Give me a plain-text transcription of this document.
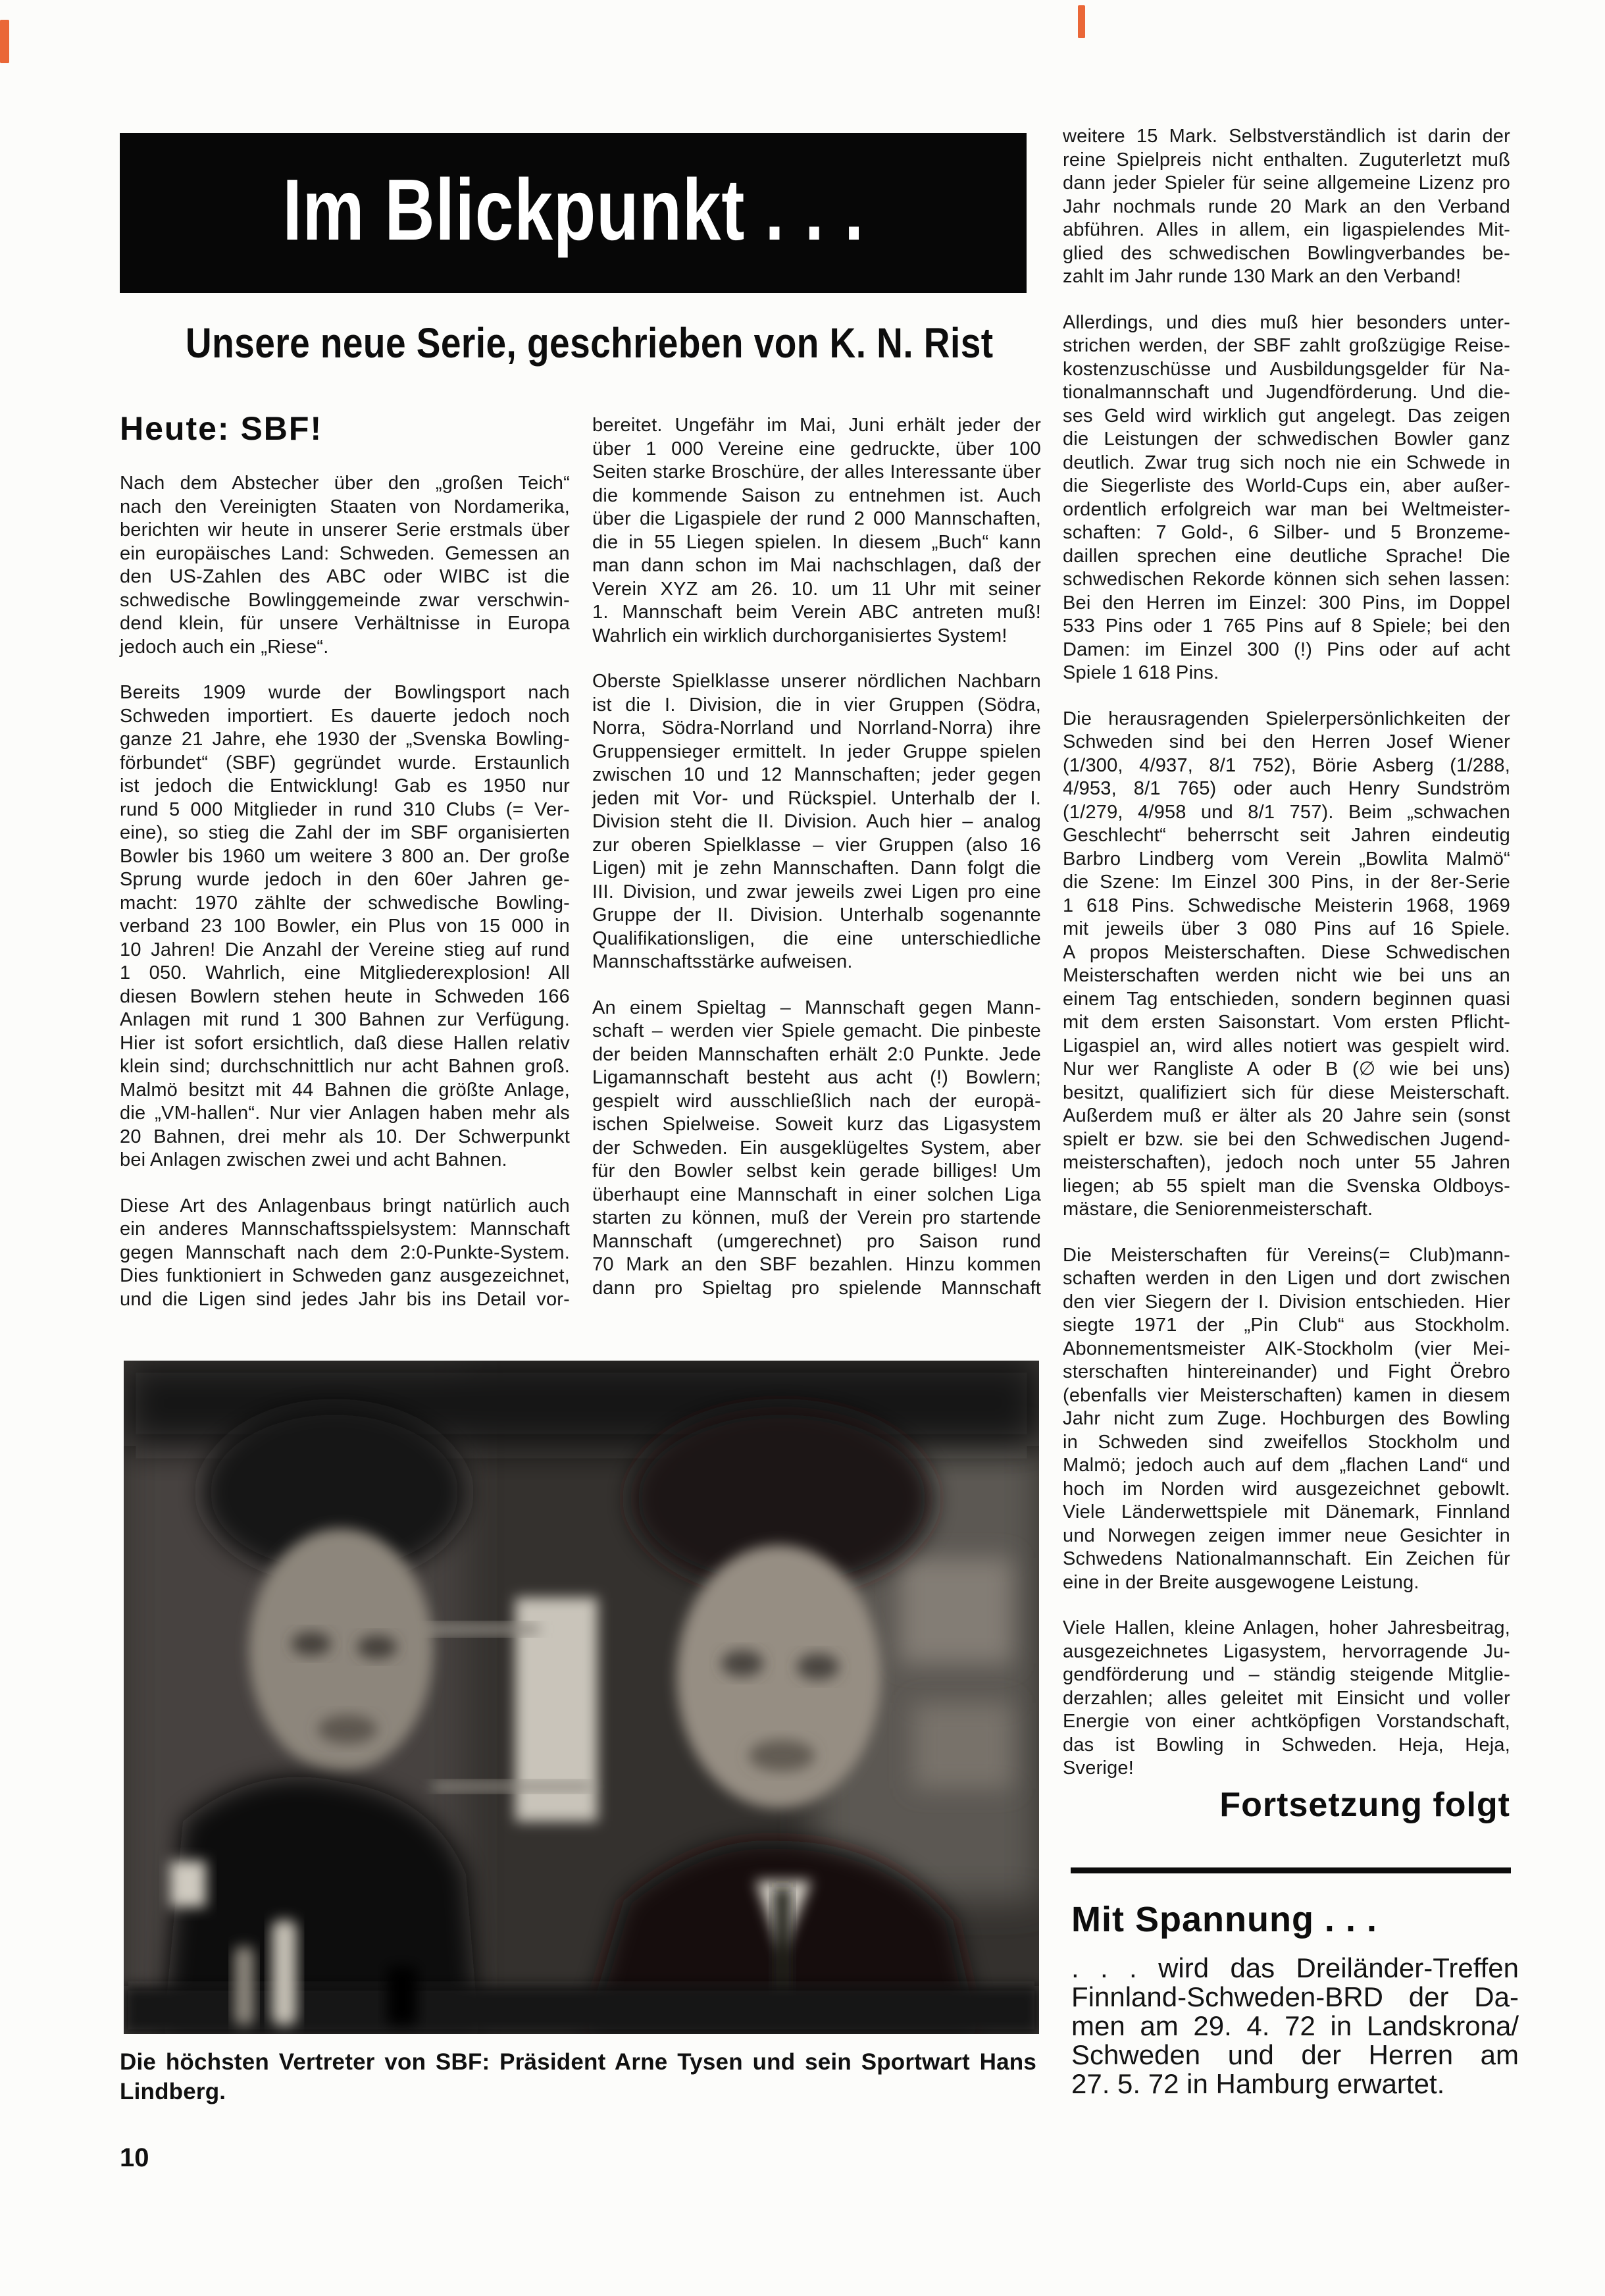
Im Blickpunkt . . .
Unsere neue Serie, geschrieben von K. N. Rist
Heute: SBF!
Nach dem Abstecher über den „großen Teich“
nach den Vereinigten Staaten von Nordamerika,
berichten wir heute in unserer Serie erstmals über
ein europäisches Land: Schweden. Gemessen an
den US-Zahlen des ABC oder WIBC ist die
schwedische Bowlinggemeinde zwar verschwin-
dend klein, für unsere Verhältnisse in Europa
jedoch auch ein „Riese“.
Bereits 1909 wurde der Bowlingsport nach
Schweden importiert. Es dauerte jedoch noch
ganze 21 Jahre, ehe 1930 der „Svenska Bowling-
förbundet“ (SBF) gegründet wurde. Erstaunlich
ist jedoch die Entwicklung! Gab es 1950 nur
rund 5 000 Mitglieder in rund 310 Clubs (= Ver-
eine), so stieg die Zahl der im SBF organisierten
Bowler bis 1960 um weitere 3 800 an. Der große
Sprung wurde jedoch in den 60er Jahren ge-
macht: 1970 zählte der schwedische Bowling-
verband 23 100 Bowler, ein Plus von 15 000 in
10 Jahren! Die Anzahl der Vereine stieg auf rund
1 050. Wahrlich, eine Mitgliederexplosion! All
diesen Bowlern stehen heute in Schweden 166
Anlagen mit rund 1 300 Bahnen zur Verfügung.
Hier ist sofort ersichtlich, daß diese Hallen relativ
klein sind; durchschnittlich nur acht Bahnen groß.
Malmö besitzt mit 44 Bahnen die größte Anlage,
die „VM-hallen“. Nur vier Anlagen haben mehr als
20 Bahnen, drei mehr als 10. Der Schwerpunkt
bei Anlagen zwischen zwei und acht Bahnen.
Diese Art des Anlagenbaus bringt natürlich auch
ein anderes Mannschaftsspielsystem: Mannschaft
gegen Mannschaft nach dem 2:0-Punkte-System.
Dies funktioniert in Schweden ganz ausgezeichnet,
und die Ligen sind jedes Jahr bis ins Detail vor-
bereitet. Ungefähr im Mai, Juni erhält jeder der
über 1 000 Vereine eine gedruckte, über 100
Seiten starke Broschüre, der alles Interessante über
die kommende Saison zu entnehmen ist. Auch
über die Ligaspiele der rund 2 000 Mannschaften,
die in 55 Liegen spielen. In diesem „Buch“ kann
man dann schon im Mai nachschlagen, daß der
Verein XYZ am 26. 10. um 11 Uhr mit seiner
1. Mannschaft beim Verein ABC antreten muß!
Wahrlich ein wirklich durchorganisiertes System!
Oberste Spielklasse unserer nördlichen Nachbarn
ist die I. Division, die in vier Gruppen (Södra,
Norra, Södra-Norrland und Norrland-Norra) ihre
Gruppensieger ermittelt. In jeder Gruppe spielen
zwischen 10 und 12 Mannschaften; jeder gegen
jeden mit Vor- und Rückspiel. Unterhalb der I.
Division steht die II. Division. Auch hier – analog
zur oberen Spielklasse – vier Gruppen (also 16
Ligen) mit je zehn Mannschaften. Dann folgt die
III. Division, und zwar jeweils zwei Ligen pro eine
Gruppe der II. Division. Unterhalb sogenannte
Qualifikationsligen, die eine unterschiedliche
Mannschaftsstärke aufweisen.
An einem Spieltag – Mannschaft gegen Mann-
schaft – werden vier Spiele gemacht. Die pinbeste
der beiden Mannschaften erhält 2:0 Punkte. Jede
Ligamannschaft besteht aus acht (!) Bowlern;
gespielt wird ausschließlich nach der europä-
ischen Spielweise. Soweit kurz das Ligasystem
der Schweden. Ein ausgeklügeltes System, aber
für den Bowler selbst kein gerade billiges! Um
überhaupt eine Mannschaft in einer solchen Liga
starten zu können, muß der Verein pro startende
Mannschaft (umgerechnet) pro Saison rund
70 Mark an den SBF bezahlen. Hinzu kommen
dann pro Spieltag pro spielende Mannschaft
weitere 15 Mark. Selbstverständlich ist darin der
reine Spielpreis nicht enthalten. Zuguterletzt muß
dann jeder Spieler für seine allgemeine Lizenz pro
Jahr nochmals runde 20 Mark an den Verband
abführen. Alles in allem, ein ligaspielendes Mit-
glied des schwedischen Bowlingverbandes be-
zahlt im Jahr runde 130 Mark an den Verband!
Allerdings, und dies muß hier besonders unter-
strichen werden, der SBF zahlt großzügige Reise-
kostenzuschüsse und Ausbildungsgelder für Na-
tionalmannschaft und Jugendförderung. Und die-
ses Geld wird wirklich gut angelegt. Das zeigen
die Leistungen der schwedischen Bowler ganz
deutlich. Zwar trug sich noch nie ein Schwede in
die Siegerliste des World-Cups ein, aber außer-
ordentlich erfolgreich war man bei Weltmeister-
schaften: 7 Gold-, 6 Silber- und 5 Bronzeme-
daillen sprechen eine deutliche Sprache! Die
schwedischen Rekorde können sich sehen lassen:
Bei den Herren im Einzel: 300 Pins, im Doppel
533 Pins oder 1 765 Pins auf 8 Spiele; bei den
Damen: im Einzel 300 (!) Pins oder auf acht
Spiele 1 618 Pins.
Die herausragenden Spielerpersönlichkeiten der
Schweden sind bei den Herren Josef Wiener
(1/300, 4/937, 8/1 752), Börie Asberg (1/288,
4/953, 8/1 765) oder auch Henry Sundström
(1/279, 4/958 und 8/1 757). Beim „schwachen
Geschlecht“ beherrscht seit Jahren eindeutig
Barbro Lindberg vom Verein „Bowlita Malmö“
die Szene: Im Einzel 300 Pins, in der 8er-Serie
1 618 Pins. Schwedische Meisterin 1968, 1969
mit jeweils über 3 080 Pins auf 16 Spiele.
A propos Meisterschaften. Diese Schwedischen
Meisterschaften werden nicht wie bei uns an
einem Tag entschieden, sondern beginnen quasi
mit dem ersten Saisonstart. Vom ersten Pflicht-
Ligaspiel an, wird alles notiert was gespielt wird.
Nur wer Rangliste A oder B (∅ wie bei uns)
besitzt, qualifiziert sich für diese Meisterschaft.
Außerdem muß er älter als 20 Jahre sein (sonst
spielt er bzw. sie bei den Schwedischen Jugend-
meisterschaften), jedoch noch unter 55 Jahren
liegen; ab 55 spielt man die Svenska Oldboys-
mästare, die Seniorenmeisterschaft.
Die Meisterschaften für Vereins(= Club)mann-
schaften werden in den Ligen und dort zwischen
den vier Siegern der I. Division entschieden. Hier
siegte 1971 der „Pin Club“ aus Stockholm.
Abonnementsmeister AIK-Stockholm (vier Mei-
sterschaften hintereinander) und Fight Örebro
(ebenfalls vier Meisterschaften) kamen in diesem
Jahr nicht zum Zuge. Hochburgen des Bowling
in Schweden sind zweifellos Stockholm und
Malmö; jedoch auch auf dem „flachen Land“ und
hoch im Norden wird ausgezeichnet gebowlt.
Viele Länderwettspiele mit Dänemark, Finnland
und Norwegen zeigen immer neue Gesichter in
Schwedens Nationalmannschaft. Ein Zeichen für
eine in der Breite ausgewogene Leistung.
Viele Hallen, kleine Anlagen, hoher Jahresbeitrag,
ausgezeichnetes Ligasystem, hervorragende Ju-
gendförderung und – ständig steigende Mitglie-
derzahlen; alles geleitet mit Einsicht und voller
Energie von einer achtköpfigen Vorstandschaft,
das ist Bowling in Schweden. Heja, Heja,
Sverige!
Fortsetzung folgt
Die höchsten Vertreter von SBF: Präsident Arne Tysen und sein Sportwart Hans
Lindberg.
10
Mit Spannung . . .
. . . wird das Dreiländer-Treffen
Finnland-Schweden-BRD der Da-
men am 29. 4. 72 in Landskrona/
Schweden und der Herren am
27. 5. 72 in Hamburg erwartet.
